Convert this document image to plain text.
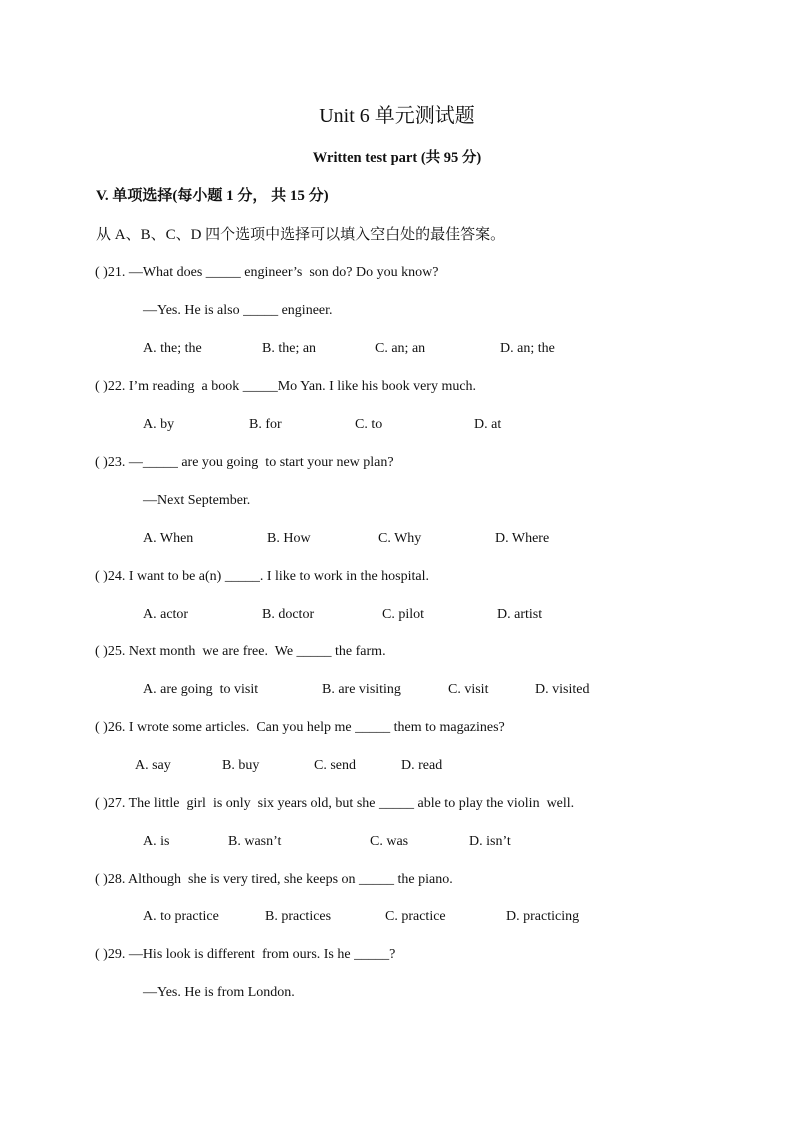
Unit 6 单元测试题
Written test part (共 95 分)
V. 单项选择(每小题 1 分， 共 15 分)
从 A、B、C、D 四个选项中选择可以填入空白处的最佳答案。
( )21. —What does _____ engineer’s  son do? Do you know?
—Yes. He is also _____ engineer.
A. the; the	B. the; an	C. an; an	D. an; the
( )22. I’m reading  a book _____Mo Yan. I like his book very much.
A. by	B. for	C. to	D. at
( )23. —_____ are you going  to start your new plan?
—Next September.
A. When	B. How	C. Why	D. Where
( )24. I want to be a(n) _____. I like to work in the hospital.
A. actor	B. doctor	C. pilot	D. artist
( )25. Next month  we are free.  We _____ the farm.
A. are going  to visit	B. are visiting	C. visit	D. visited
( )26. I wrote some articles.  Can you help me _____ them to magazines?
A. say	B. buy	C. send	D. read
( )27. The little  girl  is only  six years old, but she _____ able to play the violin  well.
A. is	B. wasn’t	C. was	D. isn’t
( )28. Although  she is very tired, she keeps on _____ the piano.
A. to practice	B. practices	C. practice	D. practicing
( )29. —His look is different  from ours. Is he _____?
—Yes. He is from London.
